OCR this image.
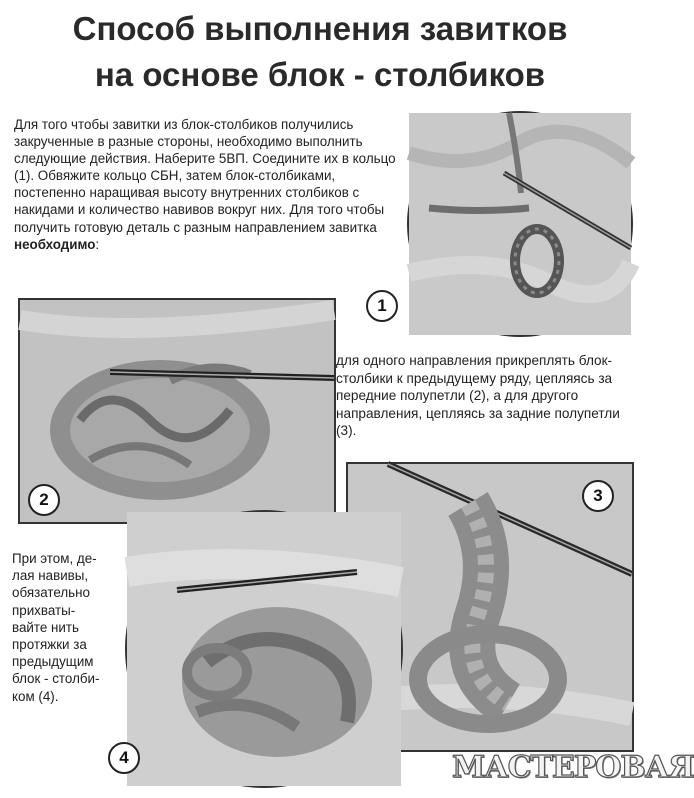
Способ выполнения завитков
на основе блок - столбиков
Для того чтобы завитки из блок-столбиков получились закрученные в разные стороны, необходимо выполнить следующие действия. Наберите 5ВП. Соедините их в кольцо (1). Обвяжите кольцо СБН, затем блок-столбиками, постепенно наращивая высоту внутренних столбиков с накидами и количество навивов вокруг них. Для того чтобы получить готовую деталь с разным направлением завитка необходимо:
1
2
для одного направления прикреплять блок-столбики к предыдущему ряду, цепляясь за передние полупетли (2), а для другого направления, цепляясь за задние полупетли (3).
3
4
При этом, де-
лая навивы,
обязательно
прихваты-
вайте нить
протяжки за
предыдущим
блок - столби-
ком (4).
МАСТЕРОВАЯ
